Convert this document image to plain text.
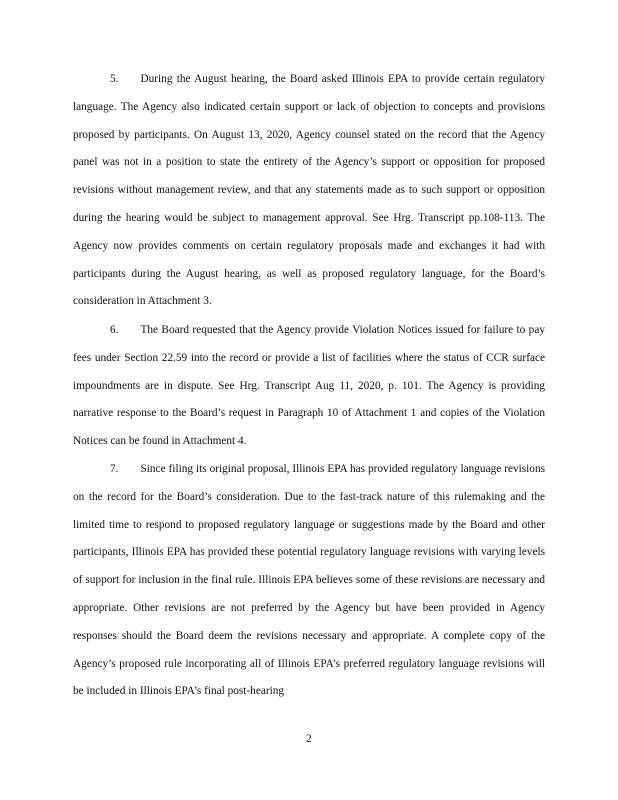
5. During the August hearing, the Board asked Illinois EPA to provide certain regulatory language. The Agency also indicated certain support or lack of objection to concepts and provisions proposed by participants. On August 13, 2020, Agency counsel stated on the record that the Agency panel was not in a position to state the entirety of the Agency’s support or opposition for proposed revisions without management review, and that any statements made as to such support or opposition during the hearing would be subject to management approval. See Hrg. Transcript pp.108-113. The Agency now provides comments on certain regulatory proposals made and exchanges it had with participants during the August hearing, as well as proposed regulatory language, for the Board’s consideration in Attachment 3.

6. The Board requested that the Agency provide Violation Notices issued for failure to pay fees under Section 22.59 into the record or provide a list of facilities where the status of CCR surface impoundments are in dispute. See Hrg. Transcript Aug 11, 2020, p. 101. The Agency is providing narrative response to the Board’s request in Paragraph 10 of Attachment 1 and copies of the Violation Notices can be found in Attachment 4.

7. Since filing its original proposal, Illinois EPA has provided regulatory language revisions on the record for the Board’s consideration. Due to the fast-track nature of this rulemaking and the limited time to respond to proposed regulatory language or suggestions made by the Board and other participants, Illinois EPA has provided these potential regulatory language revisions with varying levels of support for inclusion in the final rule. Illinois EPA believes some of these revisions are necessary and appropriate. Other revisions are not preferred by the Agency but have been provided in Agency responses should the Board deem the revisions necessary and appropriate. A complete copy of the Agency’s proposed rule incorporating all of Illinois EPA’s preferred regulatory language revisions will be included in Illinois EPA’s final post-hearing

2
